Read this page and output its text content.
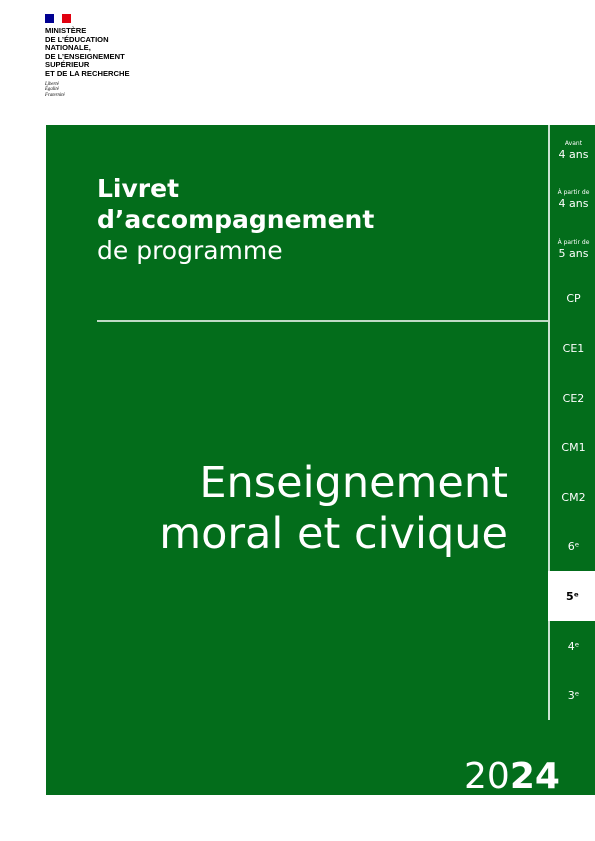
MINISTÈRE
DE L’ÉDUCATION
NATIONALE,
DE L’ENSEIGNEMENT
SUPÉRIEUR
ET DE LA RECHERCHE
Liberté
Égalité
Fraternité
Livret
d’accompagnement
de programme
Enseignement
moral et civique
Avant
4 ans
À partir de
4 ans
À partir de
5 ans
CP
CE1
CE2
CM1
CM2
6ᵉ
5ᵉ
4ᵉ
3ᵉ
2024
